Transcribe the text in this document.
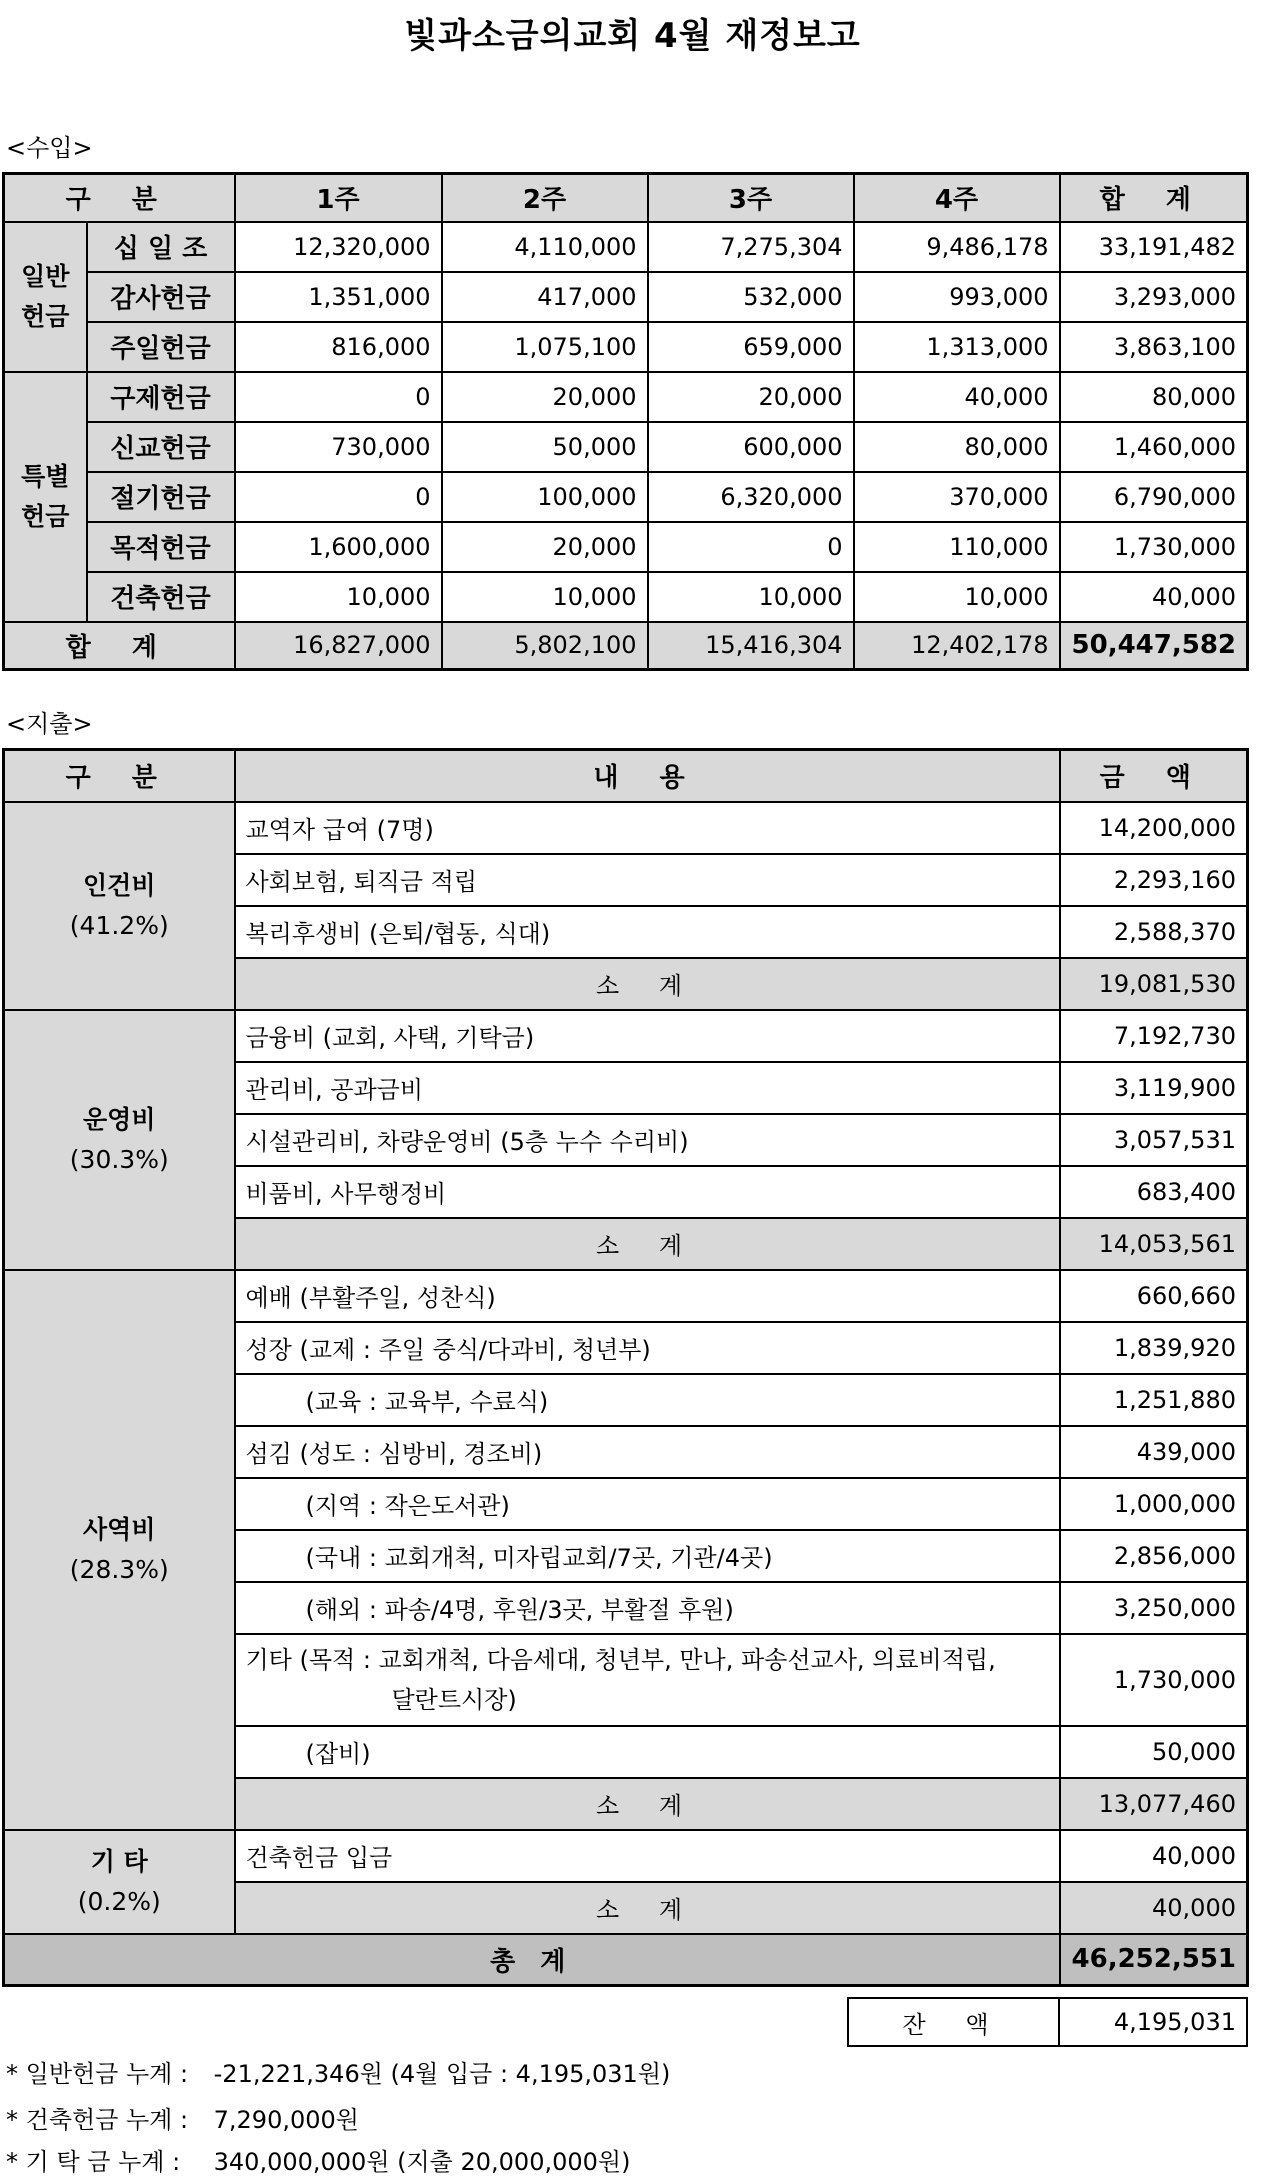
빛과소금의교회 4월 재정보고
<수입>
구 분		1주	2주	3주	4주	합 계
일반
헌금	십 일 조	12,320,000	4,110,000	7,275,304	9,486,178	33,191,482
	감사헌금	1,351,000	417,000	532,000	993,000	3,293,000
	주일헌금	816,000	1,075,100	659,000	1,313,000	3,863,100
특별
헌금	구제헌금	0	20,000	20,000	40,000	80,000
	신교헌금	730,000	50,000	600,000	80,000	1,460,000
	절기헌금	0	100,000	6,320,000	370,000	6,790,000
	목적헌금	1,600,000	20,000	0	110,000	1,730,000
	건축헌금	10,000	10,000	10,000	10,000	40,000
합 계		16,827,000	5,802,100	15,416,304	12,402,178	50,447,582
<지출>
구 분	내 용	금 액

인건비
(41.2%)	교역자 급여 (7명)	14,200,000
	사회보험, 퇴직금 적립	2,293,160
	복리후생비 (은퇴/협동, 식대)	2,588,370
	소 계	19,081,530

운영비
(30.3%)	금융비 (교회, 사택, 기탁금)	7,192,730
	관리비, 공과금비	3,119,900
	시설관리비, 차량운영비 (5층 누수 수리비)	3,057,531
	비품비, 사무행정비	683,400
	소 계	14,053,561

사역비
(28.3%)	예배 (부활주일, 성찬식)	660,660
	성장 (교제 : 주일 중식/다과비, 청년부)	1,839,920
	(교육 : 교육부, 수료식)	1,251,880
	섬김 (성도 : 심방비, 경조비)	439,000
	(지역 : 작은도서관)	1,000,000
	(국내 : 교회개척, 미자립교회/7곳, 기관/4곳)	2,856,000
	(해외 : 파송/4명, 후원/3곳, 부활절 후원)	3,250,000
	기타 (목적 : 교회개척, 다음세대, 청년부, 만나, 파송선교사, 의료비적립,
달란트시장)	1,730,000
	(잡비)	50,000
	소 계	13,077,460

기 타
(0.2%)	건축헌금 입금	40,000
	소 계	40,000
총 계		46,252,551
잔 액	4,195,031
* 일반헌금 누계 : -21,221,346원 (4월 입금 : 4,195,031원)
* 건축헌금 누계 : 7,290,000원
* 기 탁 금 누계 : 340,000,000원 (지출 20,000,000원)
